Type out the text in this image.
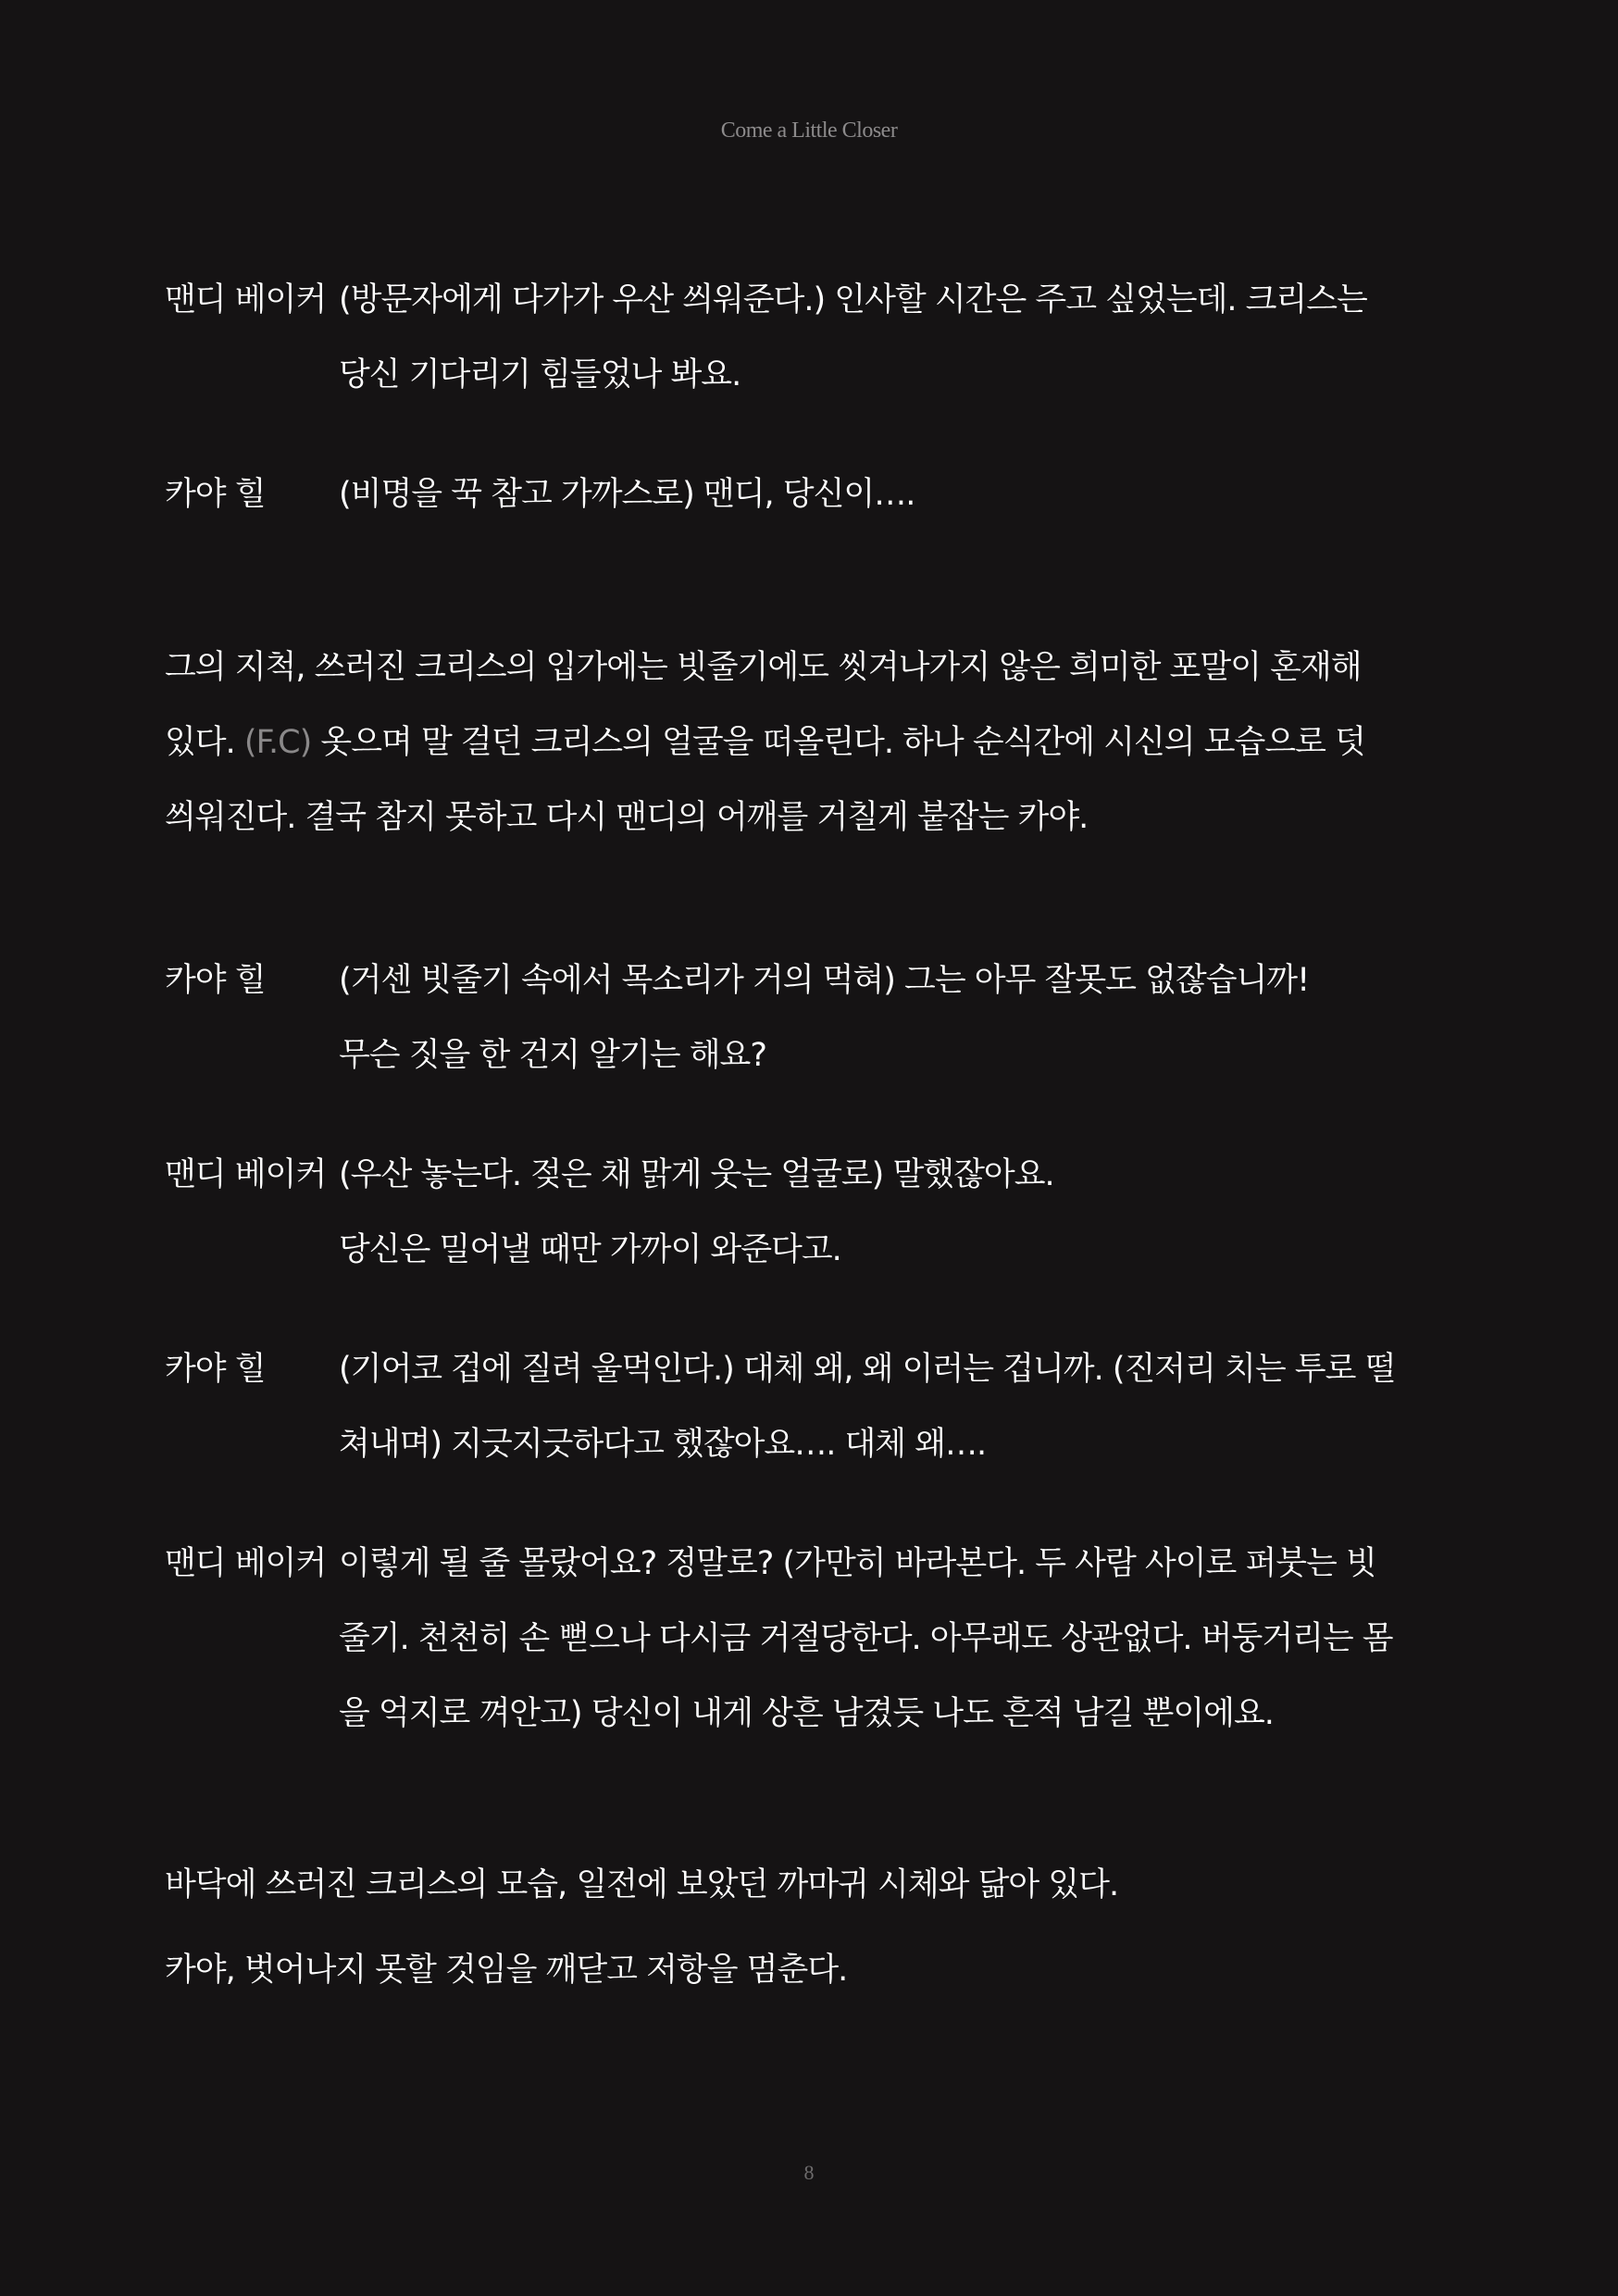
Come a Little Closer
맨디 베이커 (방문자에게 다가가 우산 씌워준다.) 인사할 시간은 주고 싶었는데. 크리스는
당신 기다리기 힘들었나 봐요.
카야 힐 (비명을 꾹 참고 가까스로) 맨디, 당신이….
그의 지척, 쓰러진 크리스의 입가에는 빗줄기에도 씻겨나가지 않은 희미한 포말이 혼재해
있다. (F.C) 옷으며 말 걸던 크리스의 얼굴을 떠올린다. 하나 순식간에 시신의 모습으로 덧
씌워진다. 결국 참지 못하고 다시 맨디의 어깨를 거칠게 붙잡는 카야.
카야 힐 (거센 빗줄기 속에서 목소리가 거의 먹혀) 그는 아무 잘못도 없잖습니까!
무슨 짓을 한 건지 알기는 해요?
맨디 베이커 (우산 놓는다. 젖은 채 맑게 웃는 얼굴로) 말했잖아요.
당신은 밀어낼 때만 가까이 와준다고.
카야 힐 (기어코 겁에 질려 울먹인다.) 대체 왜, 왜 이러는 겁니까. (진저리 치는 투로 떨
쳐내며) 지긋지긋하다고 했잖아요…. 대체 왜….
맨디 베이커 이렇게 될 줄 몰랐어요? 정말로? (가만히 바라본다. 두 사람 사이로 퍼붓는 빗
줄기. 천천히 손 뻗으나 다시금 거절당한다. 아무래도 상관없다. 버둥거리는 몸
을 억지로 껴안고) 당신이 내게 상흔 남겼듯 나도 흔적 남길 뿐이에요.
바닥에 쓰러진 크리스의 모습, 일전에 보았던 까마귀 시체와 닮아 있다.
카야, 벗어나지 못할 것임을 깨닫고 저항을 멈춘다.
8
